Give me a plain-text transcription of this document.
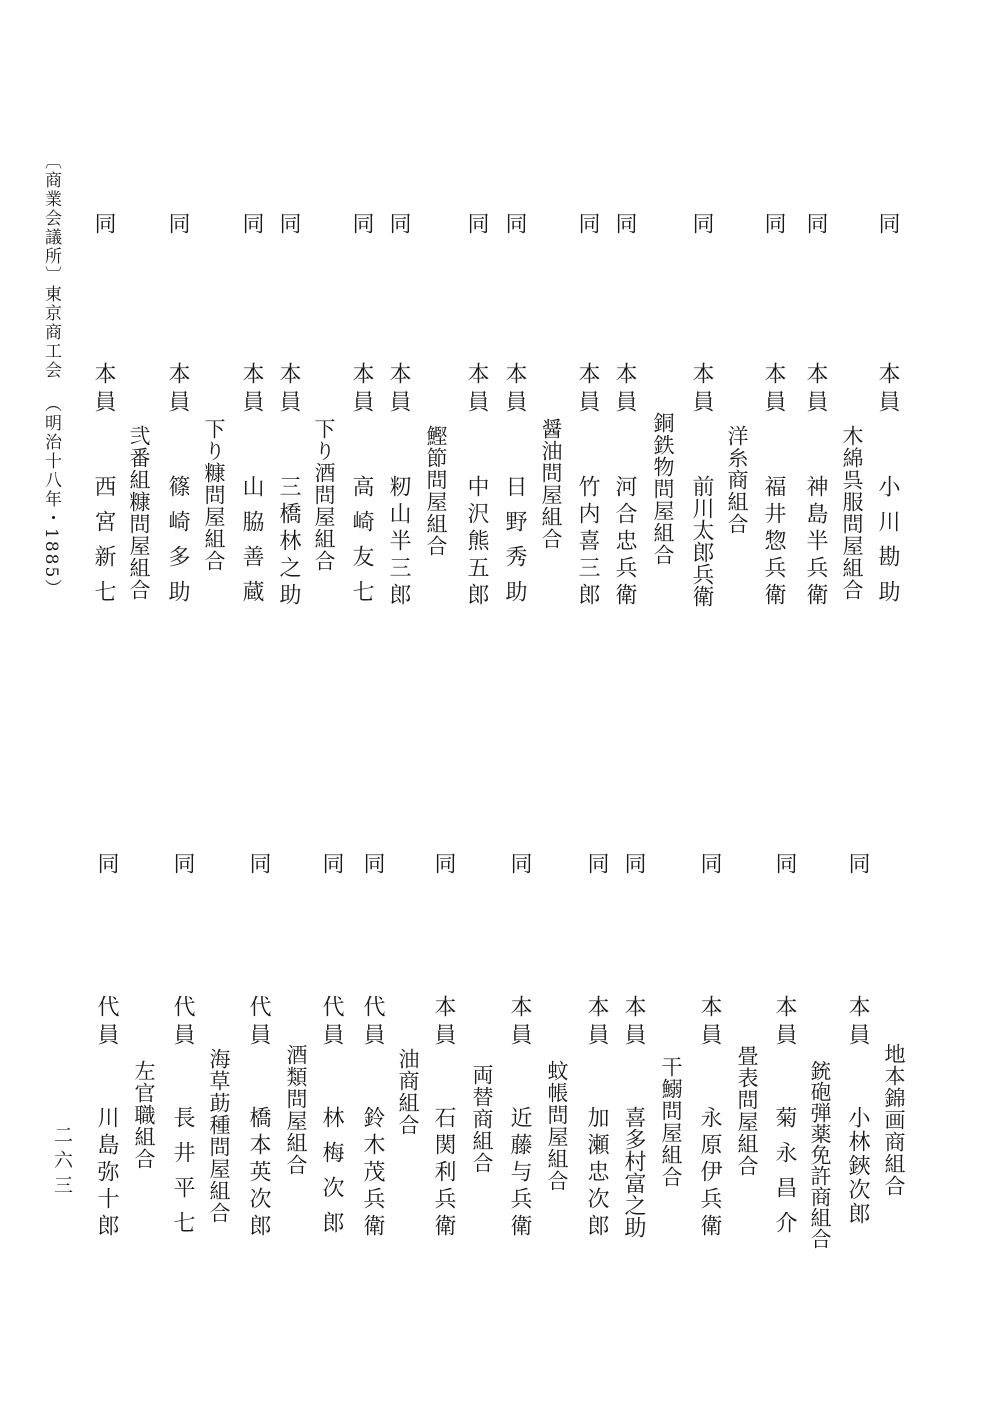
〔商業会議所〕
東京商工会
（明治十八年・1885）
同
本員
小川勘助
木綿呉服問屋組合
同
本員
神島半兵衛
同
本員
福井惣兵衛
洋糸商組合
同
本員
前川太郎兵衛
銅鉄物問屋組合
同
本員
河合忠兵衛
同
本員
竹内喜三郎
醤油問屋組合
同
本員
日野秀助
同
本員
中沢熊五郎
鰹節問屋組合
同
本員
籾山半三郎
同
本員
高崎友七
下り酒問屋組合
同
本員
三橋林之助
同
本員
山脇善蔵
下り糠問屋組合
同
本員
篠崎多助
弐番組糠問屋組合
同
本員
西宮新七
同
本員
小林鋏次郎 地本錦画商組合
同
本員
菊永昌介 銃砲弾薬免許商組合
同
本員
永原伊兵衛 畳表問屋組合
同
本員
喜多村富之助 干鰯問屋組合
同
本員
加瀬忠次郎
同
本員
近藤与兵衛 蚊帳問屋組合
同
本員
石関利兵衛 両替商組合
同
代員
鈴木茂兵衛
油商組合
同
代員
林梅次郎
同
代員
橋本英次郎 酒類問屋組合
同
代員
長井平七 海草莇種問屋組合
同
代員
川島弥十郎 左官職組合
二六三
